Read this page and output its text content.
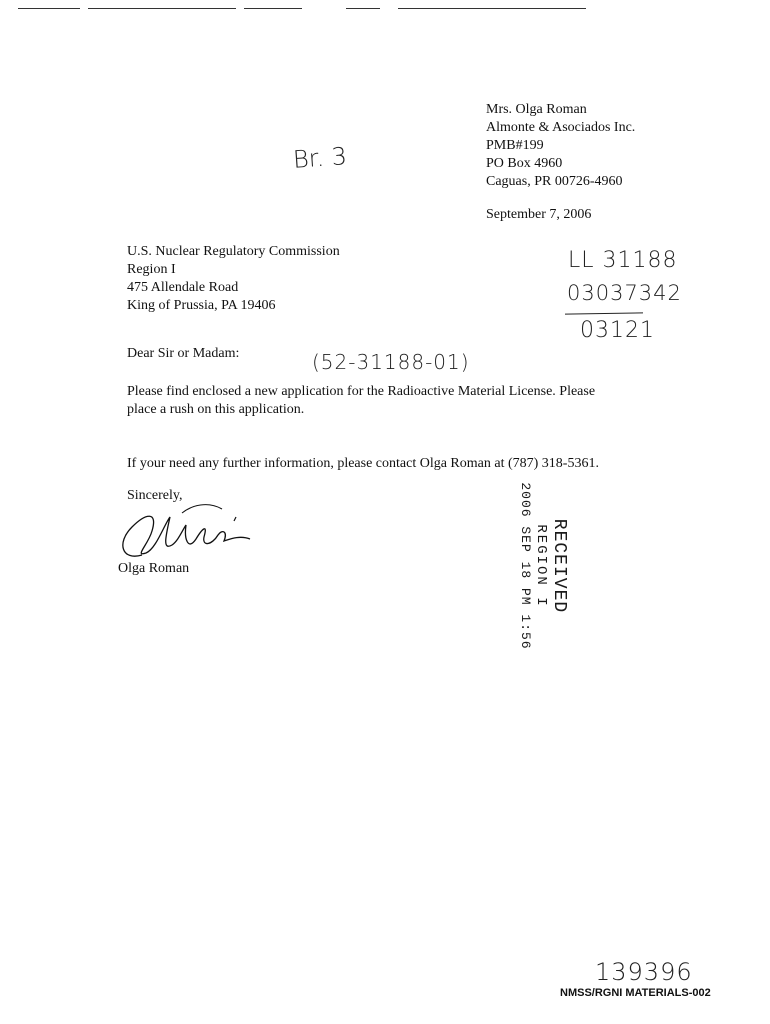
Br. 3
Mrs. Olga Roman
Almonte & Asociados Inc.
PMB#199
PO Box 4960
Caguas, PR 00726-4960
September 7, 2006
U.S. Nuclear Regulatory Commission
Region I
475 Allendale Road
King of Prussia, PA 19406
LL 31188
03037342
03121
Dear Sir or Madam:	(52-31188-01)
Please find enclosed a new application for the Radioactive Material License. Please
place a rush on this application.
If your need any further information, please contact Olga Roman at (787) 318-5361.
Sincerely,
Olga Roman	RECEIVED
REGION I
2006 SEP 18 PM 1:56
139396
NMSS/RGNI MATERIALS-002
